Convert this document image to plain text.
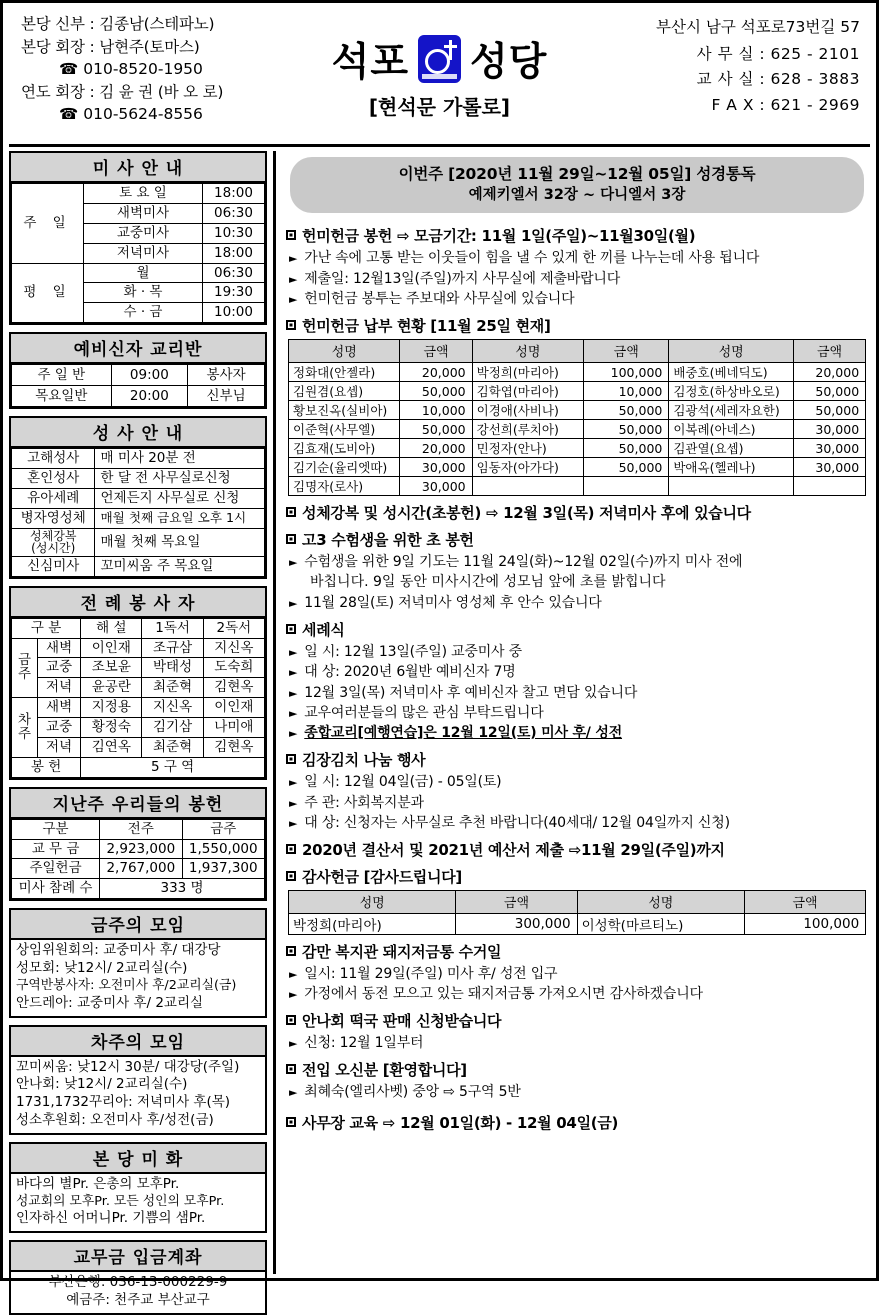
본당 신부 : 김종남(스테파노)
본당 회장 : 남현주(토마스)
☎ 010-8520-1950
연도 회장 : 김 윤 권 (바 오 로)
☎ 010-5624-8556
석포 성당
[현석문 가롤로]
부산시 남구 석포로73번길 57
사 무 실 : 625 - 2101
교 사 실 : 628 - 3883
F A X : 621 - 2969
미 사 안 내
주 일	토 요 일	18:00
	새벽미사	06:30
	교중미사	10:30
	저녁미사	18:00
평 일	월	06:30
	화 · 목	19:30
	수 · 금	10:00
예비신자 교리반
주 일 반	09:00	봉사자
목요일반	20:00	신부님
성 사 안 내
고해성사	매 미사 20분 전
혼인성사	한 달 전 사무실로신청
유아세례	언제든지 사무실로 신청
병자영성체	매월 첫째 금요일 오후 1시
성체강복
(성시간)	매월 첫째 목요일
신심미사	꼬미씨움 주 목요일
전 례 봉 사 자
구 분		해 설	1독서	2독서
금
주	새벽	이인재	조규삼	지신옥
	교중	조보윤	박태성	도숙희
	저녁	윤공란	최준혁	김현옥
차
주	새벽	지정용	지신옥	이인재
	교중	황정숙	김기삼	나미애
	저녁	김연옥	최준혁	김현옥
봉 헌		5 구 역		
지난주 우리들의 봉헌
구분	전주	금주
교 무 금	2,923,000	1,550,000
주일헌금	2,767,000	1,937,300
미사 참례 수	333 명	
금주의 모임
상임위원회의: 교중미사 후/ 대강당
성모회: 낮12시/ 2교리실(수)
구역반봉사자: 오전미사 후/2교리실(금)
안드레아: 교중미사 후/ 2교리실
차주의 모임
꼬미씨움: 낮12시 30분/ 대강당(주일)
안나회: 낮12시/ 2교리실(수)
1731,1732꾸리아: 저녁미사 후(목)
성소후원회: 오전미사 후/성전(금)
본 당 미 화
바다의 별Pr. 은총의 모후Pr.
성교회의 모후Pr. 모든 성인의 모후Pr.
인자하신 어머니Pr. 기쁨의 샘Pr.
교무금 입금계좌
부산은행: 036-13-000229-9
예금주: 천주교 부산교구
이번주 [2020년 11월 29일~12월 05일] 성경통독
예제키엘서 32장 ~ 다니엘서 3장
헌미헌금 봉헌 ⇨ 모금기간: 11월 1일(주일)~11월30일(월)
► 가난 속에 고통 받는 이웃들이 힘을 낼 수 있게 한 끼를 나누는데 사용 됩니다
► 제출일: 12월13일(주일)까지 사무실에 제출바랍니다
► 헌미헌금 봉투는 주보대와 사무실에 있습니다
헌미헌금 납부 현황 [11월 25일 현재]
성명	금액	성명	금액	성명	금액
정화대(안젤라)	20,000	박정희(마리아)	100,000	배중호(베네딕도)	20,000
김원겸(요셉)	50,000	김학엽(마리아)	10,000	김정호(하상바오로)	50,000
황보진옥(실비아)	10,000	이경애(사비나)	50,000	김광석(세레자요한)	50,000
이준혁(사무엘)	50,000	강선희(루치아)	50,000	이복례(아네스)	30,000
김효재(도비아)	20,000	민정자(안나)	50,000	김관열(요셉)	30,000
김기순(율리엣따)	30,000	임동자(아가다)	50,000	박애옥(헬레나)	30,000
김명자(로사)	30,000				
성체강복 및 성시간(초봉헌) ⇨ 12월 3일(목) 저녁미사 후에 있습니다
고3 수험생을 위한 초 봉헌
► 수험생을 위한 9일 기도는 11월 24일(화)~12월 02일(수)까지 미사 전에
바칩니다. 9일 동안 미사시간에 성모님 앞에 초를 밝힙니다
► 11월 28일(토) 저녁미사 영성체 후 안수 있습니다
세례식
► 일 시: 12월 13일(주일) 교중미사 중
► 대 상: 2020년 6월반 예비신자 7명
► 12월 3일(목) 저녁미사 후 예비신자 찰고 면담 있습니다
► 교우여러분들의 많은 관심 부탁드립니다
► 종합교리[예행연습]은 12월 12일(토) 미사 후/ 성전
김장김치 나눔 행사
► 일 시: 12월 04일(금) - 05일(토)
► 주 관: 사회복지분과
► 대 상: 신청자는 사무실로 추천 바랍니다(40세대/ 12월 04일까지 신청)
2020년 결산서 및 2021년 예산서 제출 ⇨11월 29일(주일)까지
감사헌금 [감사드립니다]
성명	금액	성명	금액
박정희(마리아)	300,000	이성학(마르티노)	100,000
감만 복지관 돼지저금통 수거일
► 일시: 11월 29일(주일) 미사 후/ 성전 입구
► 가정에서 동전 모으고 있는 돼지저금통 가져오시면 감사하겠습니다
안나회 떡국 판매 신청받습니다
► 신청: 12월 1일부터
전입 오신분 [환영합니다]
► 최혜숙(엘리사벳) 중앙 ⇨ 5구역 5반
사무장 교육 ⇨ 12월 01일(화) - 12월 04일(금)
